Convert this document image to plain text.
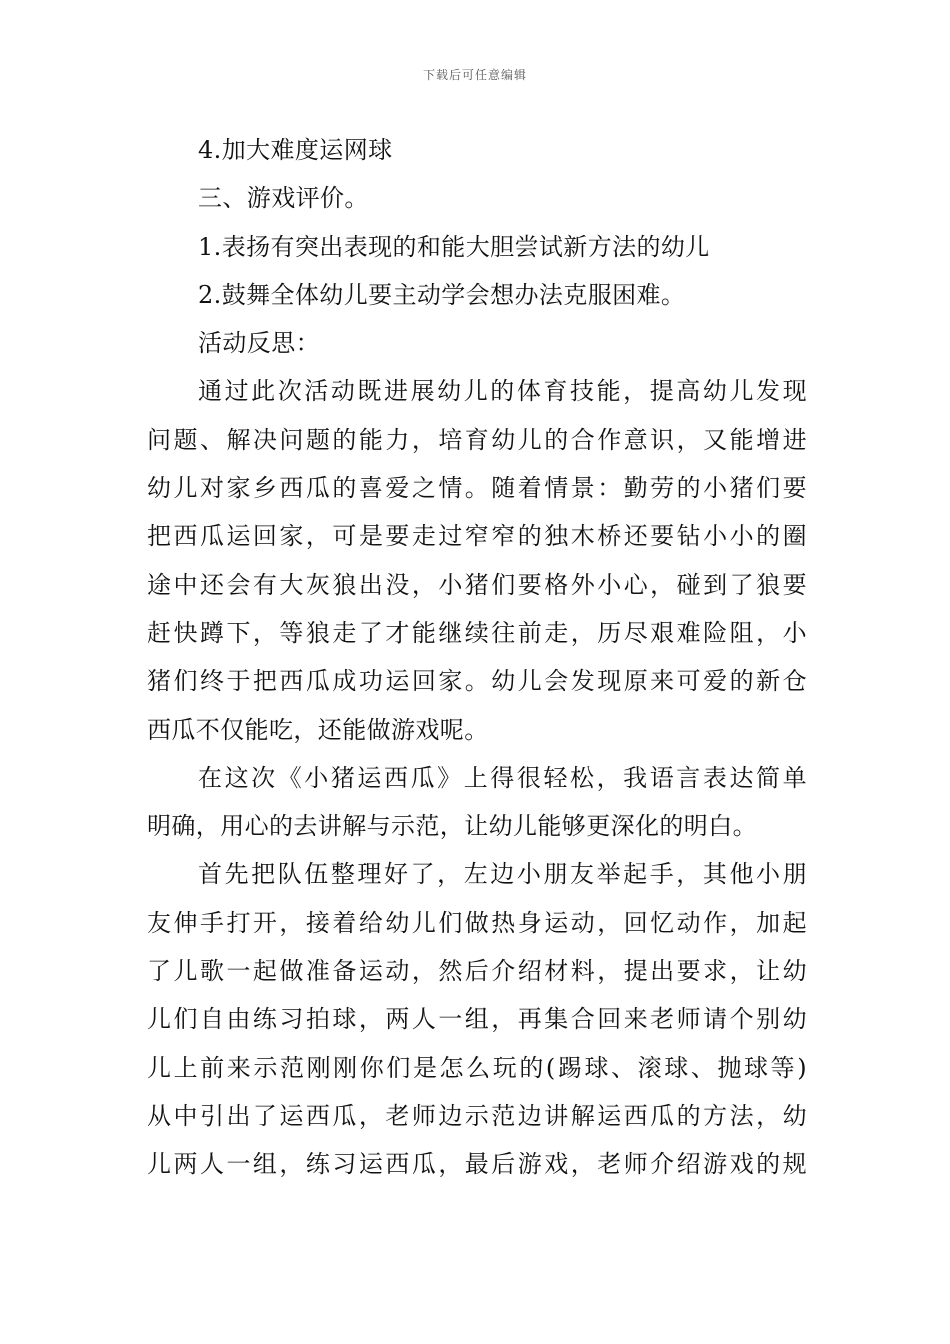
下载后可任意编辑
4.加大难度运网球
三、游戏评价。
1.表扬有突出表现的和能大胆尝试新方法的幼儿
2.鼓舞全体幼儿要主动学会想办法克服困难。
活动反思：
通过此次活动既进展幼儿的体育技能，提高幼儿发现
问题、解决问题的能力，培育幼儿的合作意识，又能增进
幼儿对家乡西瓜的喜爱之情。随着情景：勤劳的小猪们要
把西瓜运回家，可是要走过窄窄的独木桥还要钻小小的圈
途中还会有大灰狼出没，小猪们要格外小心，碰到了狼要
赶快蹲下，等狼走了才能继续往前走，历尽艰难险阻，小
猪们终于把西瓜成功运回家。幼儿会发现原来可爱的新仓
西瓜不仅能吃，还能做游戏呢。
在这次《小猪运西瓜》上得很轻松，我语言表达简单
明确，用心的去讲解与示范，让幼儿能够更深化的明白。
首先把队伍整理好了，左边小朋友举起手，其他小朋
友伸手打开，接着给幼儿们做热身运动，回忆动作，加起
了儿歌一起做准备运动，然后介绍材料，提出要求，让幼
儿们自由练习拍球，两人一组，再集合回来老师请个别幼
儿上前来示范刚刚你们是怎么玩的(踢球、滚球、抛球等)
从中引出了运西瓜，老师边示范边讲解运西瓜的方法，幼
儿两人一组，练习运西瓜，最后游戏，老师介绍游戏的规
